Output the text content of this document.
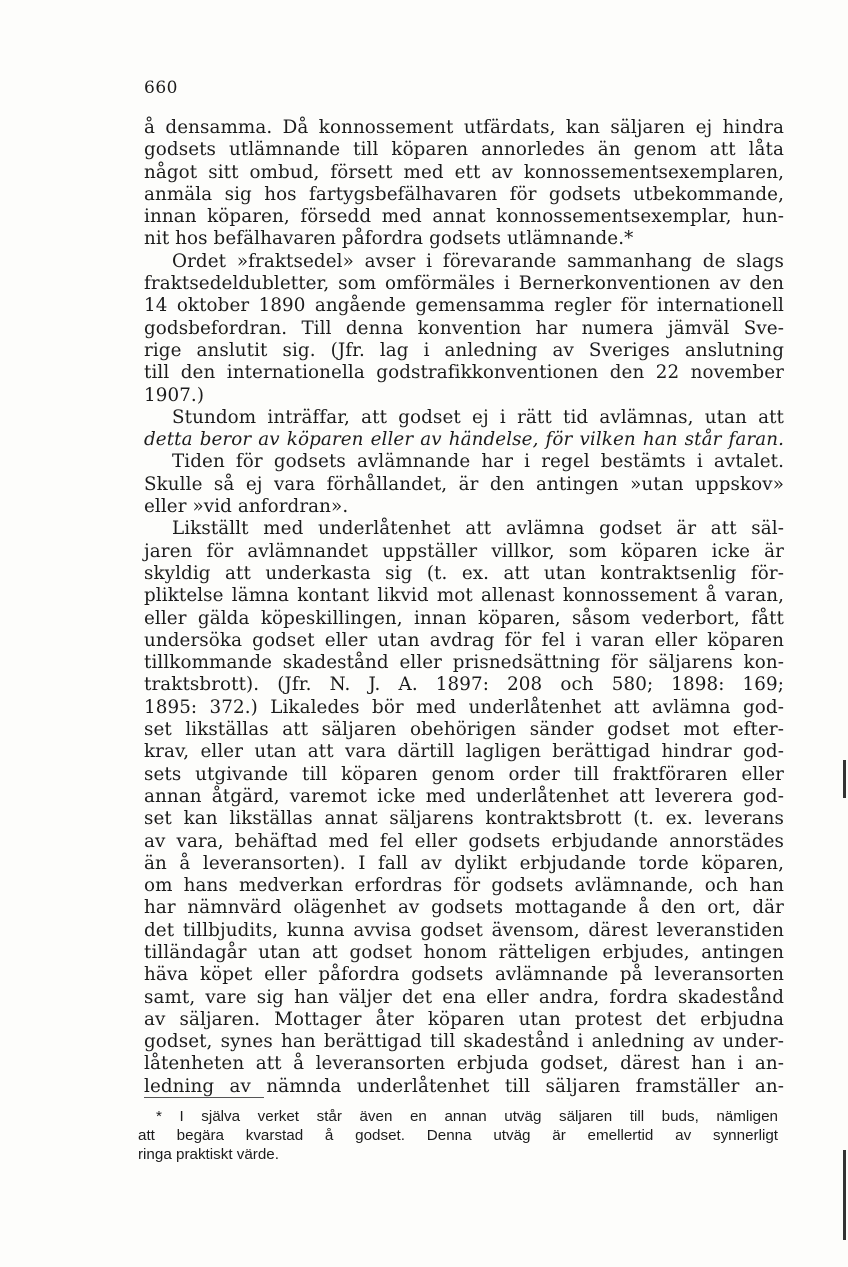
660
å densamma. Då konnossement utfärdats, kan säljaren ej hindra
godsets utlämnande till köparen annorledes än genom att låta
något sitt ombud, försett med ett av konnossementsexemplaren,
anmäla sig hos fartygsbefälhavaren för godsets utbekommande,
innan köparen, försedd med annat konnossementsexemplar, hun-
nit hos befälhavaren påfordra godsets utlämnande.*
Ordet »fraktsedel» avser i förevarande sammanhang de slags
fraktsedeldubletter, som omförmäles i Bernerkonventionen av den
14 oktober 1890 angående gemensamma regler för internationell
godsbefordran. Till denna konvention har numera jämväl Sve-
rige anslutit sig. (Jfr. lag i anledning av Sveriges anslutning
till den internationella godstrafikkonventionen den 22 november
1907.)
Stundom inträffar, att godset ej i rätt tid avlämnas, utan att
detta beror av köparen eller av händelse, för vilken han står faran.
Tiden för godsets avlämnande har i regel bestämts i avtalet.
Skulle så ej vara förhållandet, är den antingen »utan uppskov»
eller »vid anfordran».
Likställt med underlåtenhet att avlämna godset är att säl-
jaren för avlämnandet uppställer villkor, som köparen icke är
skyldig att underkasta sig (t. ex. att utan kontraktsenlig för-
pliktelse lämna kontant likvid mot allenast konnossement å varan,
eller gälda köpeskillingen, innan köparen, såsom vederbort, fått
undersöka godset eller utan avdrag för fel i varan eller köparen
tillkommande skadestånd eller prisnedsättning för säljarens kon-
traktsbrott). (Jfr. N. J. A. 1897: 208 och 580; 1898: 169;
1895: 372.) Likaledes bör med underlåtenhet att avlämna god-
set likställas att säljaren obehörigen sänder godset mot efter-
krav, eller utan att vara därtill lagligen berättigad hindrar god-
sets utgivande till köparen genom order till fraktföraren eller
annan åtgärd, varemot icke med underlåtenhet att leverera god-
set kan likställas annat säljarens kontraktsbrott (t. ex. leverans
av vara, behäftad med fel eller godsets erbjudande annorstädes
än å leveransorten). I fall av dylikt erbjudande torde köparen,
om hans medverkan erfordras för godsets avlämnande, och han
har nämnvärd olägenhet av godsets mottagande å den ort, där
det tillbjudits, kunna avvisa godset ävensom, därest leveranstiden
tilländagår utan att godset honom rätteligen erbjudes, antingen
häva köpet eller påfordra godsets avlämnande på leveransorten
samt, vare sig han väljer det ena eller andra, fordra skadestånd
av säljaren. Mottager åter köparen utan protest det erbjudna
godset, synes han berättigad till skadestånd i anledning av under-
låtenheten att å leveransorten erbjuda godset, därest han i an-
ledning av nämnda underlåtenhet till säljaren framställer an-
* I själva verket står även en annan utväg säljaren till buds, nämligen
att begära kvarstad å godset. Denna utväg är emellertid av synnerligt
ringa praktiskt värde.
